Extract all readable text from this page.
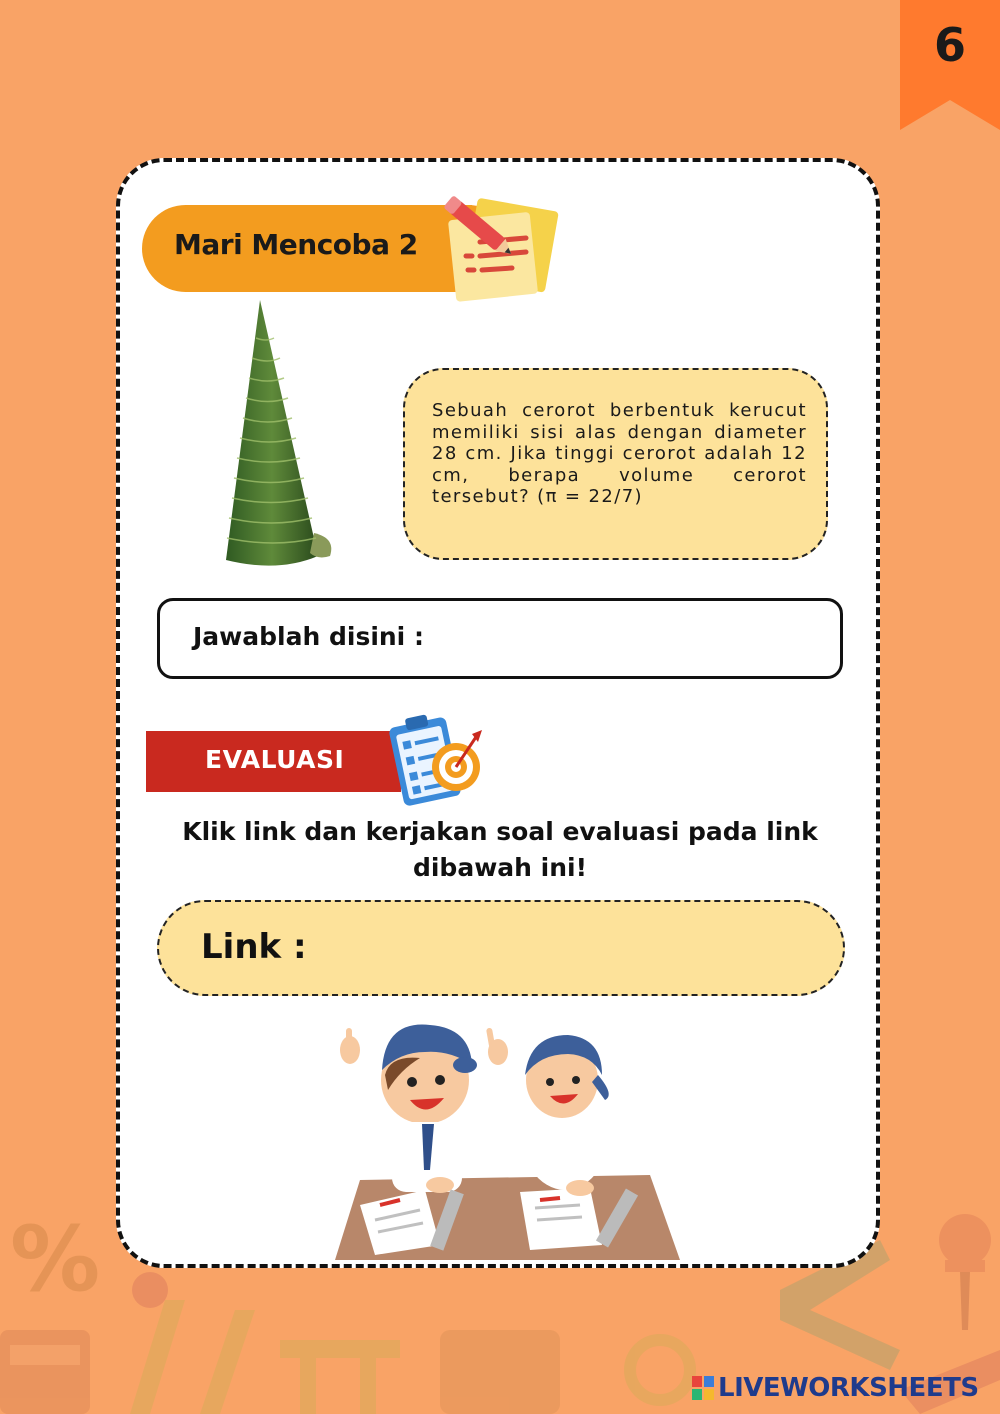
%
6
Mari Mencoba 2
Sebuah cerorot berbentuk kerucut memiliki sisi alas dengan diameter 28 cm. Jika tinggi cerorot adalah 12 cm, berapa volume cerorot tersebut? (π = 22/7)
Jawablah disini :
EVALUASI
Klik link dan kerjakan soal evaluasi pada link dibawah ini!
Link :
LIVEWORKSHEETS
